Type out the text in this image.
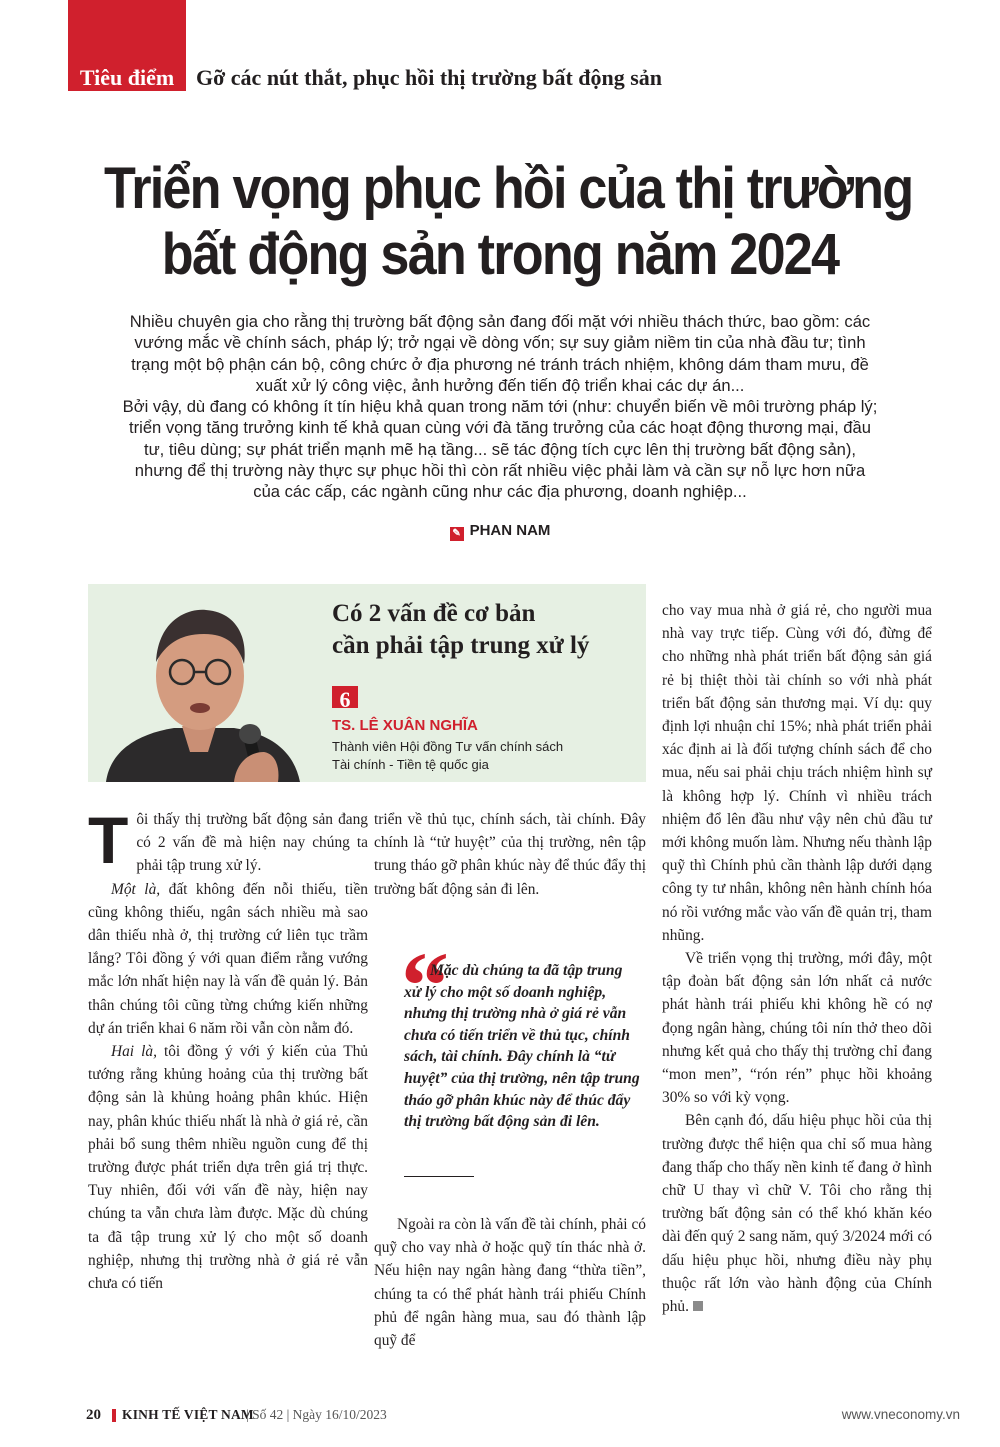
Tiêu điểm Gỡ các nút thắt, phục hồi thị trường bất động sản
Triển vọng phục hồi của thị trường
bất động sản trong năm 2024

Nhiều chuyên gia cho rằng thị trường bất động sản đang đối mặt với nhiều thách thức, bao gồm: các vướng mắc về chính sách, pháp lý; trở ngại về dòng vốn; sự suy giảm niềm tin của nhà đầu tư; tình trạng một bộ phận cán bộ, công chức ở địa phương né tránh trách nhiệm, không dám tham mưu, đề xuất xử lý công việc, ảnh hưởng đến tiến độ triển khai các dự án...

Bởi vậy, dù đang có không ít tín hiệu khả quan trong năm tới (như: chuyển biến về môi trường pháp lý; triển vọng tăng trưởng kinh tế khả quan cùng với đà tăng trưởng của các hoạt động thương mại, đầu tư, tiêu dùng; sự phát triển mạnh mẽ hạ tầng... sẽ tác động tích cực lên thị trường bất động sản), nhưng để thị trường này thực sự phục hồi thì còn rất nhiều việc phải làm và cần sự nỗ lực hơn nữa của các cấp, các ngành cũng như các địa phương, doanh nghiệp...

✎ PHAN NAM
Có 2 vấn đề cơ bản
cần phải tập trung xử lý
6
TS. LÊ XUÂN NGHĨA
Thành viên Hội đồng Tư vấn chính sách
Tài chính - Tiền tệ quốc gia

Tôi thấy thị trường bất động sản đang có 2 vấn đề mà hiện nay chúng ta phải tập trung xử lý.

Một là, đất không đến nỗi thiếu, tiền cũng không thiếu, ngân sách nhiều mà sao dân thiếu nhà ở, thị trường cứ liên tục trầm lắng? Tôi đồng ý với quan điểm rằng vướng mắc lớn nhất hiện nay là vấn đề quản lý. Bản thân chúng tôi cũng từng chứng kiến những dự án triển khai 6 năm rồi vẫn còn nằm đó.

Hai là, tôi đồng ý với ý kiến của Thủ tướng rằng khủng hoảng của thị trường bất động sản là khủng hoảng phân khúc. Hiện nay, phân khúc thiếu nhất là nhà ở giá rẻ, cần phải bổ sung thêm nhiều nguồn cung để thị trường được phát triển dựa trên giá trị thực. Tuy nhiên, đối với vấn đề này, hiện nay chúng ta vẫn chưa làm được. Mặc dù chúng ta đã tập trung xử lý cho một số doanh nghiệp, nhưng thị trường nhà ở giá rẻ vẫn chưa có tiến

triển về thủ tục, chính sách, tài chính. Đây chính là “tử huyệt” của thị trường, nên tập trung tháo gỡ phân khúc này để thúc đẩy thị trường bất động sản đi lên.

“
Mặc dù chúng ta đã tập trung xử lý cho một số doanh nghiệp, nhưng thị trường nhà ở giá rẻ vẫn chưa có tiến triển về thủ tục, chính sách, tài chính. Đây chính là “tử huyệt” của thị trường, nên tập trung tháo gỡ phân khúc này để thúc đẩy thị trường bất động sản đi lên.

Ngoài ra còn là vấn đề tài chính, phải có quỹ cho vay nhà ở hoặc quỹ tín thác nhà ở. Nếu hiện nay ngân hàng đang “thừa tiền”, chúng ta có thể phát hành trái phiếu Chính phủ để ngân hàng mua, sau đó thành lập quỹ để

cho vay mua nhà ở giá rẻ, cho người mua nhà vay trực tiếp. Cùng với đó, đừng để cho những nhà phát triển bất động sản giá rẻ bị thiệt thòi tài chính so với nhà phát triển bất động sản thương mại. Ví dụ: quy định lợi nhuận chỉ 15%; nhà phát triển phải xác định ai là đối tượng chính sách để cho mua, nếu sai phải chịu trách nhiệm hình sự là không hợp lý. Chính vì nhiều trách nhiệm đổ lên đầu như vậy nên chủ đầu tư mới không muốn làm. Nhưng nếu thành lập quỹ thì Chính phủ cần thành lập dưới dạng công ty tư nhân, không nên hành chính hóa nó rồi vướng mắc vào vấn đề quản trị, tham nhũng.

Về triển vọng thị trường, mới đây, một tập đoàn bất động sản lớn nhất cả nước phát hành trái phiếu khi không hề có nợ đọng ngân hàng, chúng tôi nín thở theo dõi nhưng kết quả cho thấy thị trường chỉ đang “mon men”, “rón rén” phục hồi khoảng 30% so với kỳ vọng.

Bên cạnh đó, dấu hiệu phục hồi của thị trường được thể hiện qua chỉ số mua hàng đang thấp cho thấy nền kinh tế đang ở hình chữ U thay vì chữ V. Tôi cho rằng thị trường bất động sản có thể khó khăn kéo dài đến quý 2 sang năm, quý 3/2024 mới có dấu hiệu phục hồi, nhưng điều này phụ thuộc rất lớn vào hành động của Chính phủ.

20 KINH TẾ VIỆT NAM
| Số 42 | Ngày 16/10/2023	www.vneconomy.vn
